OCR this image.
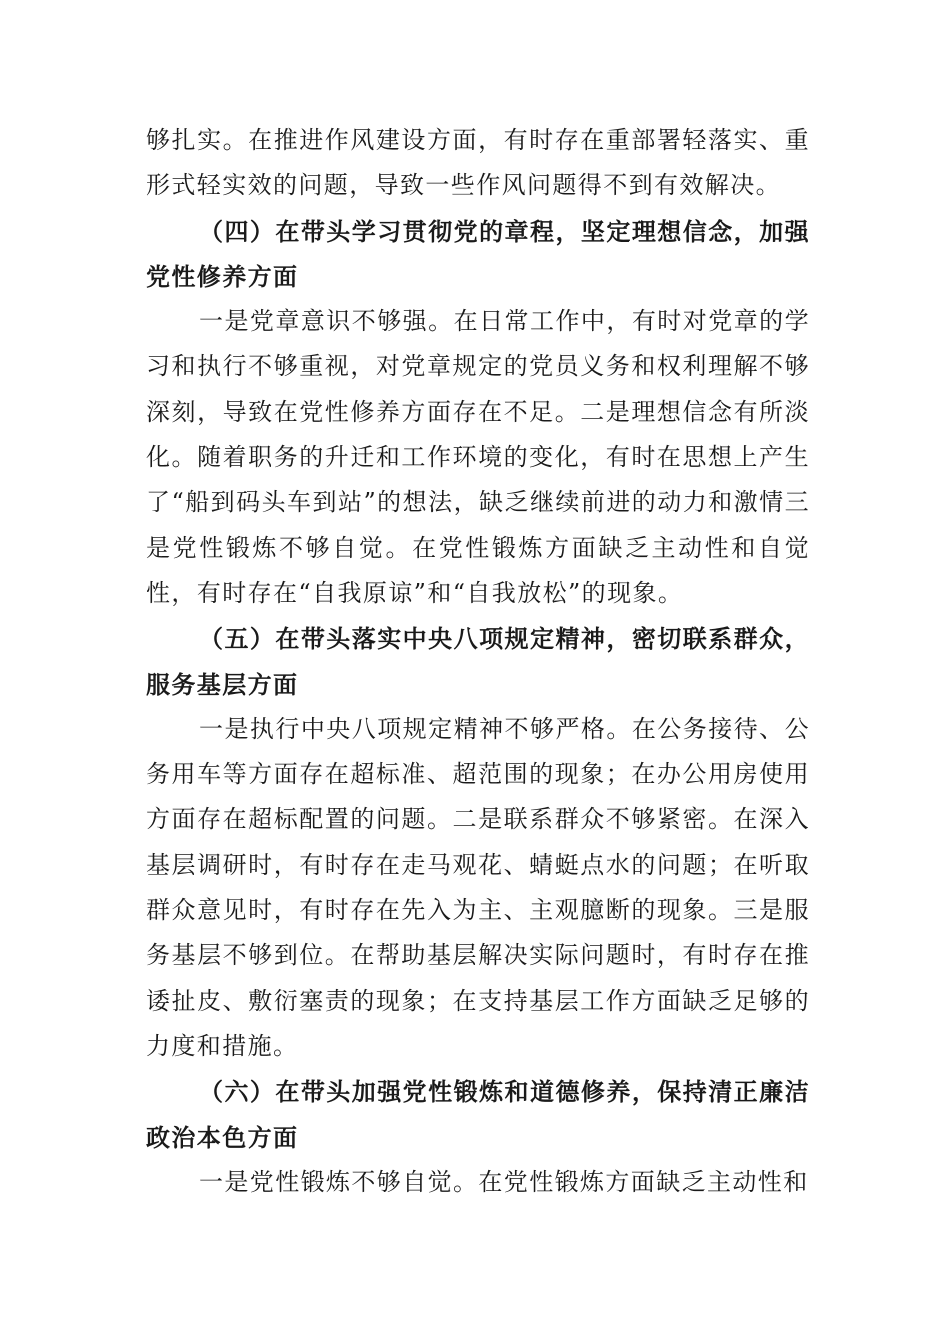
够扎实。在推进作风建设方面，有时存在重部署轻落实、重形式轻实效的问题，导致一些作风问题得不到有效解决。

（四）在带头学习贯彻党的章程，坚定理想信念，加强党性修养方面

一是党章意识不够强。在日常工作中，有时对党章的学习和执行不够重视，对党章规定的党员义务和权利理解不够深刻，导致在党性修养方面存在不足。二是理想信念有所淡化。随着职务的升迁和工作环境的变化，有时在思想上产生了“船到码头车到站”的想法，缺乏继续前进的动力和激情三是党性锻炼不够自觉。在党性锻炼方面缺乏主动性和自觉性，有时存在“自我原谅”和“自我放松”的现象。

（五）在带头落实中央八项规定精神，密切联系群众，服务基层方面

一是执行中央八项规定精神不够严格。在公务接待、公务用车等方面存在超标准、超范围的现象；在办公用房使用方面存在超标配置的问题。二是联系群众不够紧密。在深入基层调研时，有时存在走马观花、蜻蜓点水的问题；在听取群众意见时，有时存在先入为主、主观臆断的现象。三是服务基层不够到位。在帮助基层解决实际问题时，有时存在推诿扯皮、敷衍塞责的现象；在支持基层工作方面缺乏足够的力度和措施。

（六）在带头加强党性锻炼和道德修养，保持清正廉洁政治本色方面

一是党性锻炼不够自觉。在党性锻炼方面缺乏主动性和
